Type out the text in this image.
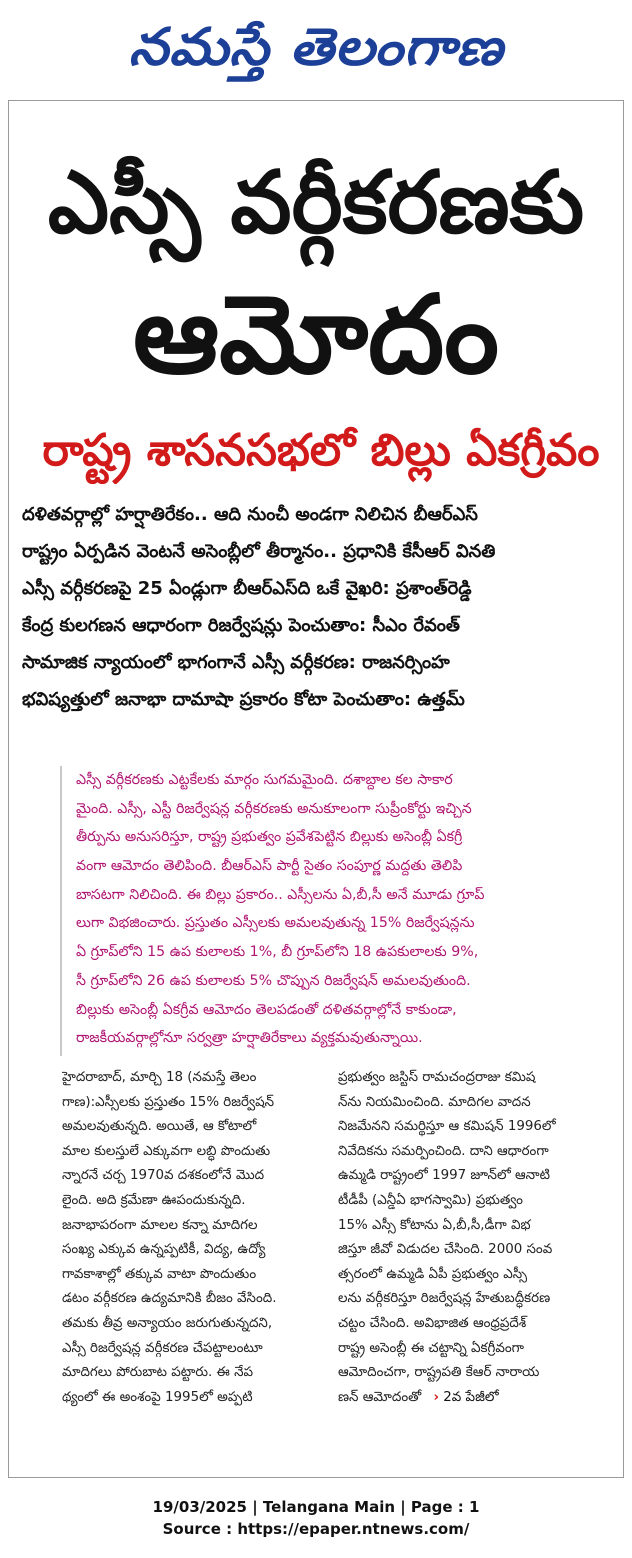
నమస్తే తెలంగాణ
ఎస్సీ వర్గీకరణకు
ఆమోదం
రాష్ట్ర శాసనసభలో బిల్లు ఏకగ్రీవం
దళితవర్గాల్లో హర్షాతిరేకం.. ఆది నుంచీ అండగా నిలిచిన బీఆర్ఎస్
రాష్ట్రం ఏర్పడిన వెంటనే అసెంబ్లీలో తీర్మానం.. ప్రధానికి కేసీఆర్ వినతి
ఎస్సీ వర్గీకరణపై 25 ఏండ్లుగా బీఆర్ఎస్‌ది ఒకే వైఖరి: ప్రశాంత్‌రెడ్డి
కేంద్ర కులగణన ఆధారంగా రిజర్వేషన్లు పెంచుతాం: సీఎం రేవంత్
సామాజిక న్యాయంలో భాగంగానే ఎస్సీ వర్గీకరణ: రాజనర్సింహ
భవిష్యత్తులో జనాభా దామాషా ప్రకారం కోటా పెంచుతాం: ఉత్తమ్
ఎస్సీ వర్గీకరణకు ఎట్టకేలకు మార్గం సుగమమైంది. దశాబ్దాల కల సాకార
మైంది. ఎస్సీ, ఎస్టీ రిజర్వేషన్ల వర్గీకరణకు అనుకూలంగా సుప్రీంకోర్టు ఇచ్చిన
తీర్పును అనుసరిస్తూ, రాష్ట్ర ప్రభుత్వం ప్రవేశపెట్టిన బిల్లుకు అసెంబ్లీ ఏకగ్రీ
వంగా ఆమోదం తెలిపింది. బీఆర్ఎస్ పార్టీ సైతం సంపూర్ణ మద్దతు తెలిపి
బాసటగా నిలిచింది. ఈ బిల్లు ప్రకారం.. ఎస్సీలను ఏ,బీ,సీ అనే మూడు గ్రూప్
లుగా విభజించారు. ప్రస్తుతం ఎస్సీలకు అమలవుతున్న 15% రిజర్వేషన్లను
ఏ గ్రూప్‌లోని 15 ఉప కులాలకు 1%, బీ గ్రూప్‌లోని 18 ఉపకులాలకు 9%,
సీ గ్రూప్‌లోని 26 ఉప కులాలకు 5% చొప్పున రిజర్వేషన్ అమలవుతుంది.
బిల్లుకు అసెంబ్లీ ఏకగ్రీవ ఆమోదం తెలపడంతో దళితవర్గాల్లోనే కాకుండా,
రాజకీయవర్గాల్లోనూ సర్వత్రా హర్షాతిరేకాలు వ్యక్తమవుతున్నాయి.
హైదరాబాద్, మార్చి 18 (నమస్తే తెలం
గాణ):ఎస్సీలకు ప్రస్తుతం 15% రిజర్వేషన్
అమలవుతున్నది. అయితే, ఆ కోటాలో
మాల కులస్తులే ఎక్కువగా లబ్ధి పొందుతు
న్నారనే చర్చ 1970వ దశకంలోనే మొద
లైంది. అది క్రమేణా ఊపందుకున్నది.
జనాభాపరంగా మాలల కన్నా మాదిగల
సంఖ్య ఎక్కువ ఉన్నప్పటికీ, విద్య, ఉద్యో
గావకాశాల్లో తక్కువ వాటా పొందుతుం
డటం వర్గీకరణ ఉద్యమానికి బీజం వేసింది.
తమకు తీవ్ర అన్యాయం జరుగుతున్నదని,
ఎస్సీ రిజర్వేషన్ల వర్గీకరణ చేపట్టాలంటూ
మాదిగలు పోరుబాట పట్టారు. ఈ నేప
థ్యంలో ఈ అంశంపై 1995లో అప్పటి
ప్రభుత్వం జస్టిస్ రామచంద్రరాజు కమిష
న్‌ను నియమించింది. మాదిగల వాదన
నిజమేనని సమర్థిస్తూ ఆ కమిషన్ 1996లో
నివేదికను సమర్పించింది. దాని ఆధారంగా
ఉమ్మడి రాష్ట్రంలో 1997 జూన్‌లో ఆనాటి
టీడీపీ (ఎన్డీఏ భాగస్వామి) ప్రభుత్వం
15% ఎస్సీ కోటాను ఏ,బీ,సీ,డీగా విభ
జిస్తూ జీవో విడుదల చేసింది. 2000 సంవ
త్సరంలో ఉమ్మడి ఏపీ ప్రభుత్వం ఎస్సీ
లను వర్గీకరిస్తూ రిజర్వేషన్ల హేతుబద్ధీకరణ
చట్టం చేసింది. అవిభాజిత ఆంధ్రప్రదేశ్
రాష్ట్ర అసెంబ్లీ ఈ చట్టాన్ని ఏకగ్రీవంగా
ఆమోదించగా, రాష్ట్రపతి కేఆర్ నారాయ
ణన్ ఆమోదంతో › 2వ పేజీలో
19/03/2025 | Telangana Main | Page : 1
Source : https://epaper.ntnews.com/
